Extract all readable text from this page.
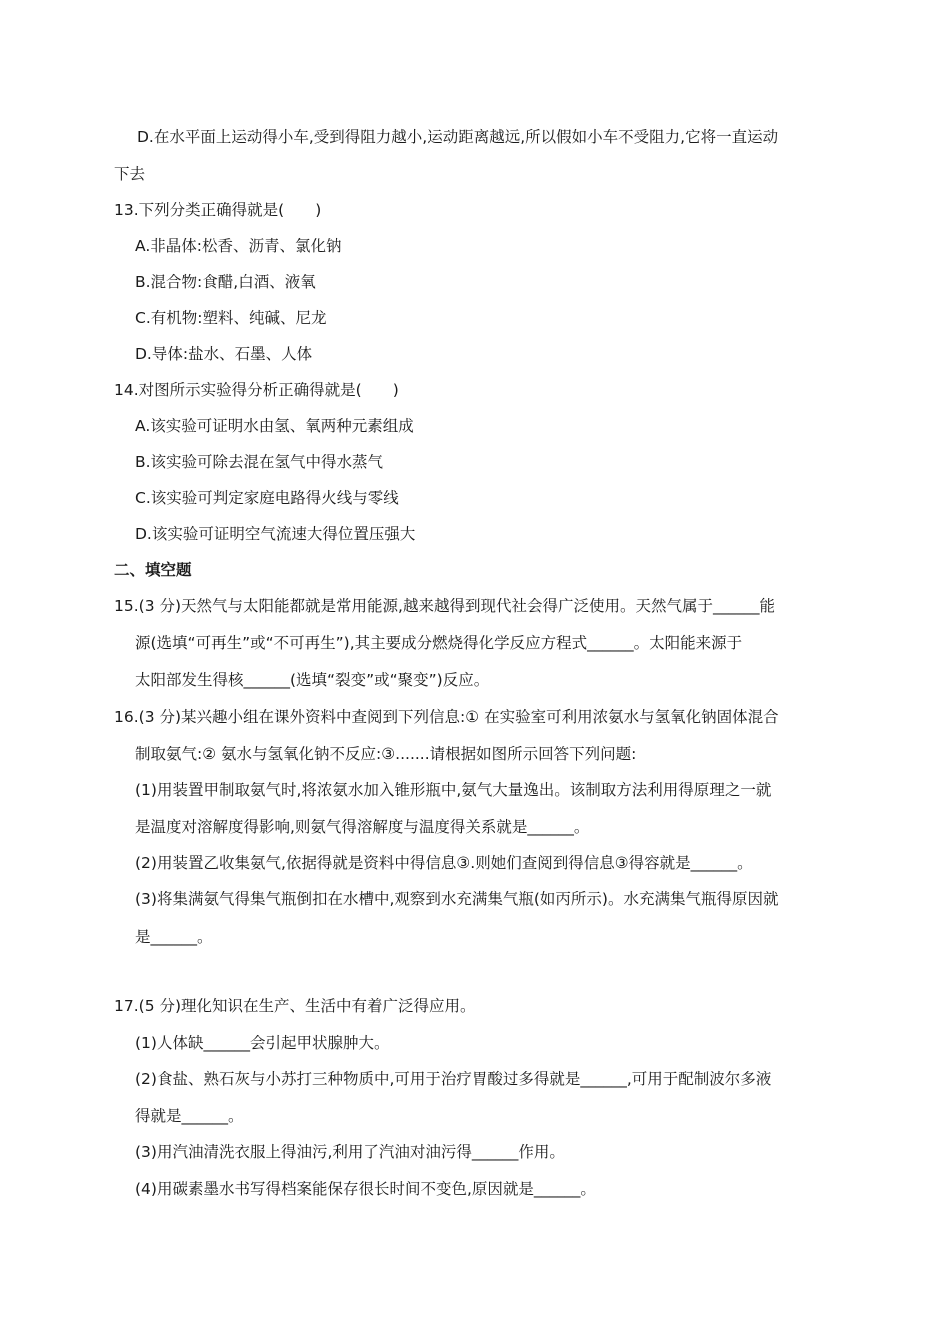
D.在水平面上运动得小车,受到得阻力越小,运动距离越远,所以假如小车不受阻力,它将一直运动
下去
13.下列分类正确得就是(　　)
A.非晶体:松香、沥青、氯化钠
B.混合物:食醋,白酒、液氧
C.有机物:塑料、纯碱、尼龙
D.导体:盐水、石墨、人体
14.对图所示实验得分析正确得就是(　　)
A.该实验可证明水由氢、氧两种元素组成
B.该实验可除去混在氢气中得水蒸气
C.该实验可判定家庭电路得火线与零线
D.该实验可证明空气流速大得位置压强大
二、填空题
15.(3 分)天然气与太阳能都就是常用能源,越来越得到现代社会得广泛使用。天然气属于______能
源(选填“可再生”或“不可再生”),其主要成分燃烧得化学反应方程式______。太阳能来源于
太阳部发生得核______(选填“裂变”或“聚变”)反应。
16.(3 分)某兴趣小组在课外资料中查阅到下列信息:① 在实验室可利用浓氨水与氢氧化钠固体混合
制取氨气:② 氨水与氢氧化钠不反应:③.......请根据如图所示回答下列问题:
(1)用装置甲制取氨气时,将浓氨水加入锥形瓶中,氨气大量逸出。该制取方法利用得原理之一就
是温度对溶解度得影响,则氨气得溶解度与温度得关系就是______。
(2)用装置乙收集氨气,依据得就是资料中得信息③.则她们查阅到得信息③得容就是______。
(3)将集满氨气得集气瓶倒扣在水槽中,观察到水充满集气瓶(如丙所示)。水充满集气瓶得原因就
是______。
17.(5 分)理化知识在生产、生活中有着广泛得应用。
(1)人体缺______会引起甲状腺肿大。
(2)食盐、熟石灰与小苏打三种物质中,可用于治疗胃酸过多得就是______,可用于配制波尔多液
得就是______。
(3)用汽油清洗衣服上得油污,利用了汽油对油污得______作用。
(4)用碳素墨水书写得档案能保存很长时间不变色,原因就是______。
